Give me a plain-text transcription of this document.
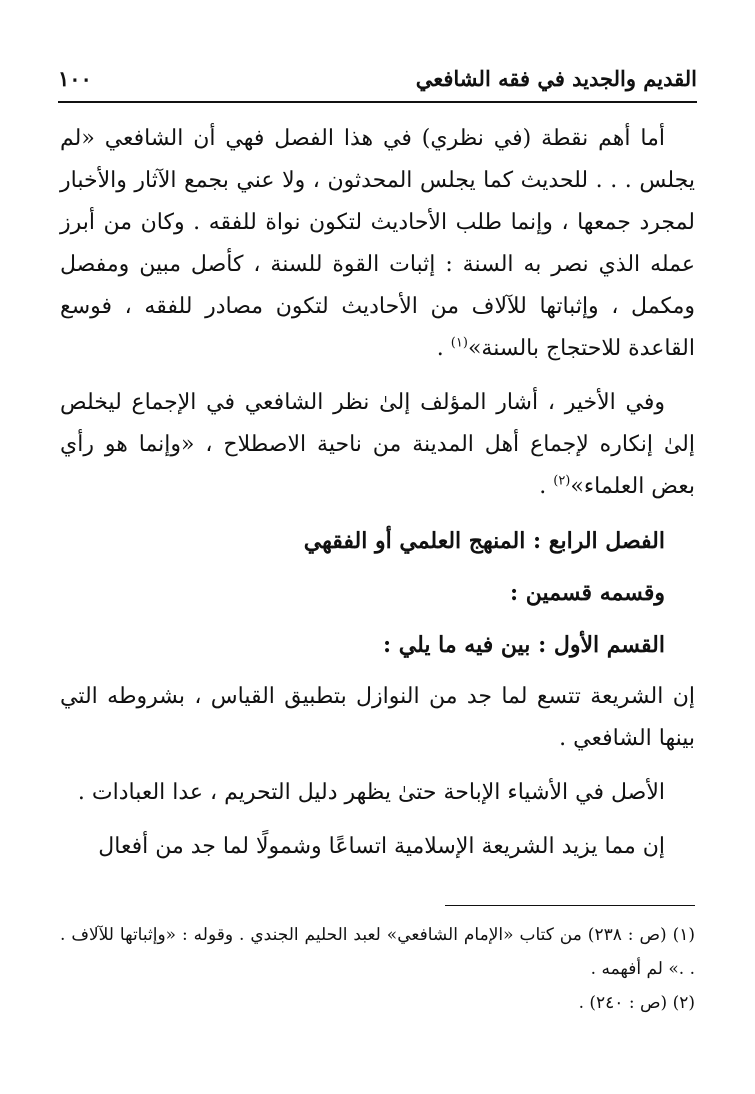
القديم والجديد في فقه الشافعي
١٠٠

أما أهم نقطة (في نظري) في هذا الفصل فهي أن الشافعي «لم يجلس . . . للحديث كما يجلس المحدثون ، ولا عني بجمع الآثار والأخبار لمجرد جمعها ، وإنما طلب الأحاديث لتكون نواة للفقه . وكان من أبرز عمله الذي نصر به السنة : إثبات القوة للسنة ، كأصل مبين ومفصل ومكمل ، وإثباتها للآلاف من الأحاديث لتكون مصادر للفقه ، فوسع القاعدة للاحتجاج بالسنة»$^{(١)}$ .

وفي الأخير ، أشار المؤلف إلىٰ نظر الشافعي في الإجماع ليخلص إلىٰ إنكاره لإجماع أهل المدينة من ناحية الاصطلاح ، «وإنما هو رأي بعض العلماء»$^{(٢)}$ .

الفصل الرابع : المنهج العلمي أو الفقهي

وقسمه قسمين :

القسم الأول : بين فيه ما يلي :

إن الشريعة تتسع لما جد من النوازل بتطبيق القياس ، بشروطه التي بينها الشافعي .

الأصل في الأشياء الإباحة حتىٰ يظهر دليل التحريم ، عدا العبادات .

إن مما يزيد الشريعة الإسلامية اتساعًا وشمولًا لما جد من أفعال

(١) (ص : ٢٣٨) من كتاب «الإمام الشافعي» لعبد الحليم الجندي . وقوله : «وإثباتها للآلاف . . .» لم أفهمه .

(٢) (ص : ٢٤٠) .
